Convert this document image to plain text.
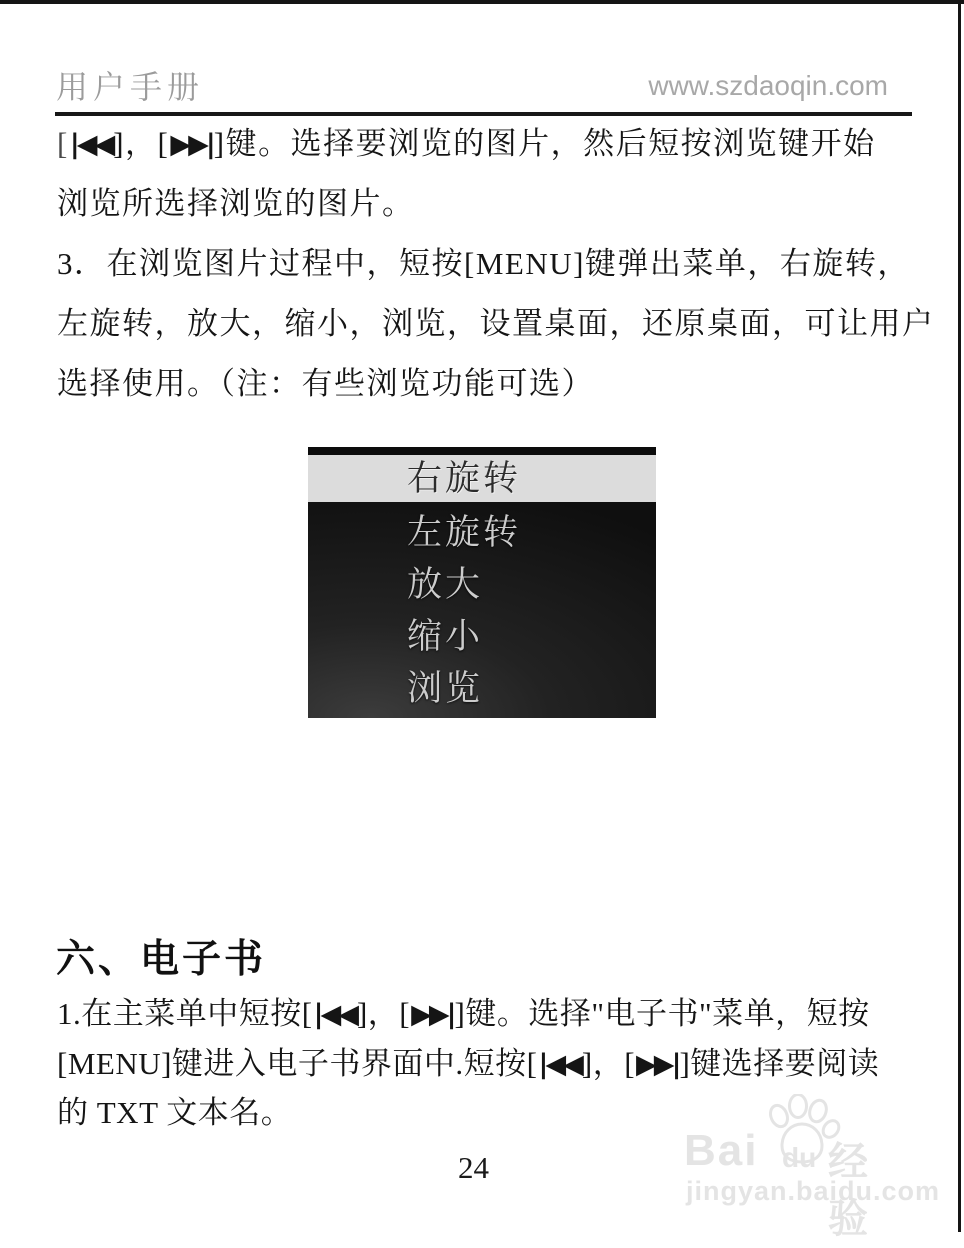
用户手册	www.szdaoqin.com

[|◀◀]，[▶▶|]键。选择要浏览的图片，然后短按浏览键开始

浏览所选择浏览的图片。

3．在浏览图片过程中，短按[MENU]键弹出菜单，右旋转，

左旋转，放大，缩小，浏览，设置桌面，还原桌面，可让用户

选择使用。（注：有些浏览功能可选）

右旋转
左旋转
放大
缩小
浏览
六、电子书

1.在主菜单中短按[|◀◀]，[▶▶|]键。选择"电子书"菜单，短按

[MENU]键进入电子书界面中.短按[|◀◀]，[▶▶|]键选择要阅读

的 TXT 文本名。

24	Bai du 经验
jingyan.baidu.com
